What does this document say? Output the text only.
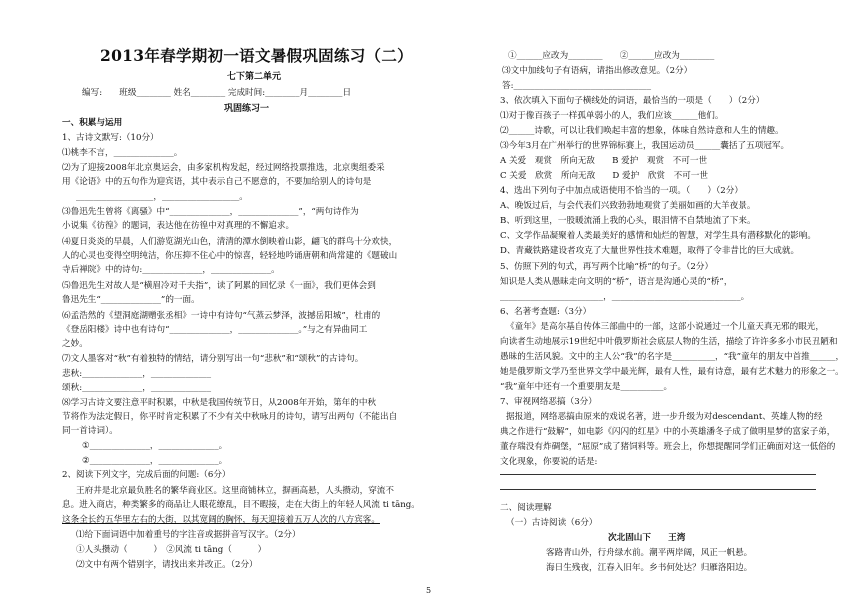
2013年春学期初一语文暑假巩固练习（二）
七下第二单元
编写:　　班级________ 姓名________ 完成时间:________月________日
巩固练习一
一、积累与运用
1、古诗文默写:（10分）
⑴桃李不言，______________。
⑵为了迎接2008年北京奥运会，由多家机构发起，经过网络投票推选，北京奥组委采
用《论语》中的五句作为迎宾语，其中表示自己不愿意的，不要加给别人的诗句是
__________________，__________________。
⑶鲁迅先生曾将《离骚》中“______________，______________”，“两句诗作为
小说集《彷徨》的题词，表达他在彷徨中对真理的不懈追求。
⑷夏日炎炎的早晨，人们游览湖光山色，清清的潭水倒映着山影，翩飞的群鸟十分欢快，
人的心灵也变得空明纯洁，你压抑不住心中的惊喜，轻轻地吟诵唐朝和尚常建的《题破山
寺后禅院》中的诗句:______________，______________。
⑸鲁迅先生对故人是“横眉冷对千夫指”，读了阿累的回忆录《一面》，我们更体会到
鲁迅先生“______________”的一面。
⑹孟浩然的《望洞庭湖赠张丞相》一诗中有诗句“气蒸云梦泽，波撼岳阳城”，杜甫的
《登岳阳楼》诗中也有诗句“______________，______________。”与之有异曲同工
之妙。
⑺文人墨客对“秋”有着独特的情结，请分别写出一句“悲秋”和“颂秋”的古诗句。
悲秋:______________，______________
颂秋:______________，______________
⑻学习古诗文要注意平时积累，中秋是我国传统节日，从2008年开始，第年的中秋
节将作为法定假日，你平时肯定积累了不少有关中秋咏月的诗句，请写出两句（不能出自
同一首诗词）。
①______________，______________。
②______________，______________。
2、阅读下列文字，完成后面的问题:（6分）
王府井是北京最负胜名的繁华商业区。这里商铺林立，摒画高悬，人头攒动，穿流不
息。进入商店，种类繁多的商品让人眼花缭乱，目不暇接，走在大街上的年轻人风流 ti tāng。
这条全长约五华里左右的大街，以其宽阔的胸怀，每天迎接着五万人次的八方宾客。
⑴给下面词语中加着重号的字注音或据拼音写汉字。（2分）
①人头攒动（　　　）　②风流 ti tāng（　　　）
⑵文中有两个错别字，请找出来并改正。（2分）
①______应改为________　　②______应改为________
⑶文中加线句子有语病，请指出修改意见。（2分）
答:________________________________
3、依次填入下面句子横线处的词语，最恰当的一项是（　　）（2分）
⑴对于像百孩子一样孤单弱小的人，我们应该______他们。
⑵______诗歌，可以让我们唤起丰富的想象，体味自然诗意和人生的情趣。
⑶今年3月在广州举行的世界锦标赛上，我国运动员______囊括了五项冠军。
A 关爱　观赏　所向无敌　　B 爱护　观赏　不可一世
C 关爱　欣赏　所向无敌　　D 爱护　欣赏　不可一世
4、选出下列句子中加点成语使用不恰当的一项。（　　）（2分）
A、晚饭过后，与会代表们兴致勃勃地观赏了美丽如画的大羊夜景。
B、听到这里，一股暖流涌上我的心头，眼泪情不自禁地流了下来。
C、文学作品凝聚着人类最美好的感情和灿烂的智慧，对学生具有潜移默化的影响。
D、青藏铁路建设者攻克了大量世界性技术难题，取得了令非昔比的巨大成就。
5、仿照下列的句式，再写两个比喻“桥”的句子。（2分）
知识是人类从愚昧走向文明的“桥”，语言是沟通心灵的“桥”，
________________________，______________________________。
6、名著考查题:（3分）
《童年》是高尔基自传体三部曲中的一部，这部小说通过一个儿童天真无邪的眼光，
向读者生动地展示19世纪中叶俄罗斯社会底层人物的生活，描绘了许许多多小市民丑陋和
愚昧的生活风貌。文中的主人公“我”的名字是__________，“我”童年的朋友中首推______，
她是俄罗斯文学乃至世界文学中最光辉，最有人性，最有诗意，最有艺术魅力的形象之一。
“我”童年中还有一个重要朋友是__________。
7、审视网络恶搞（3分）
据报道，网络恶搞由原来的戏说名著，进一步升级为对descendant、英雄人物的经
典之作进行“鼓解”，如电影《闪闪的红星》中的小英雄潘冬子成了做明星梦的富家子弟，
董存瑞没有炸碉堡，“屈原”成了猪饲料等。班会上，你想提醒同学们正确面对这一低俗的
文化现象，你要说的话是:
二、阅读理解
（一）古诗阅读（6分）
次北固山下　　王湾
客路青山外，行舟绿水前。潮平两岸阔，风正一帆悬。
海日生残夜，江春入旧年。乡书何处达？归雁洛阳边。
5
